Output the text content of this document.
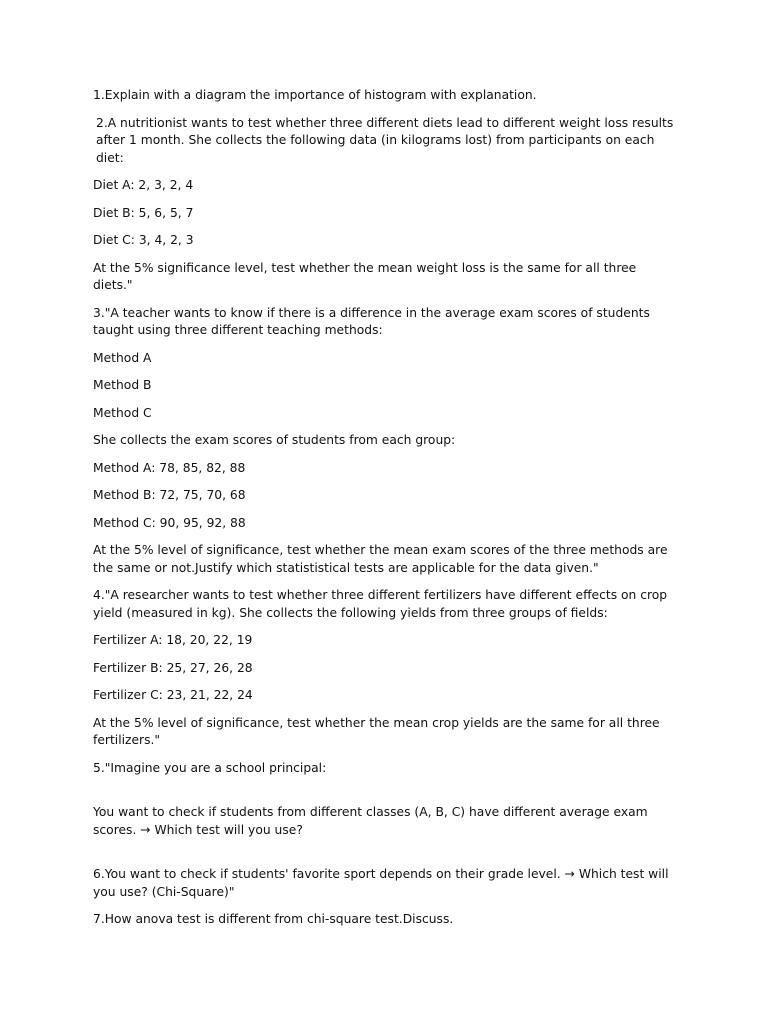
1.Explain with a diagram the importance of histogram with explanation.

2.A nutritionist wants to test whether three different diets lead to different weight loss results after 1 month. She collects the following data (in kilograms lost) from participants on each diet:

Diet A: 2, 3, 2, 4

Diet B: 5, 6, 5, 7

Diet C: 3, 4, 2, 3

At the 5% significance level, test whether the mean weight loss is the same for all three diets."

3."A teacher wants to know if there is a difference in the average exam scores of students taught using three different teaching methods:

Method A

Method B

Method C

She collects the exam scores of students from each group:

Method A: 78, 85, 82, 88

Method B: 72, 75, 70, 68

Method C: 90, 95, 92, 88

At the 5% level of significance, test whether the mean exam scores of the three methods are the same or not.Justify which statististical tests are applicable for the data given."

4."A researcher wants to test whether three different fertilizers have different effects on crop yield (measured in kg). She collects the following yields from three groups of fields:

Fertilizer A: 18, 20, 22, 19

Fertilizer B: 25, 27, 26, 28

Fertilizer C: 23, 21, 22, 24

At the 5% level of significance, test whether the mean crop yields are the same for all three fertilizers."

5."Imagine you are a school principal:

You want to check if students from different classes (A, B, C) have different average exam scores. → Which test will you use?

6.You want to check if students' favorite sport depends on their grade level. → Which test will you use? (Chi-Square)"

7.How anova test is different from chi-square test.Discuss.
